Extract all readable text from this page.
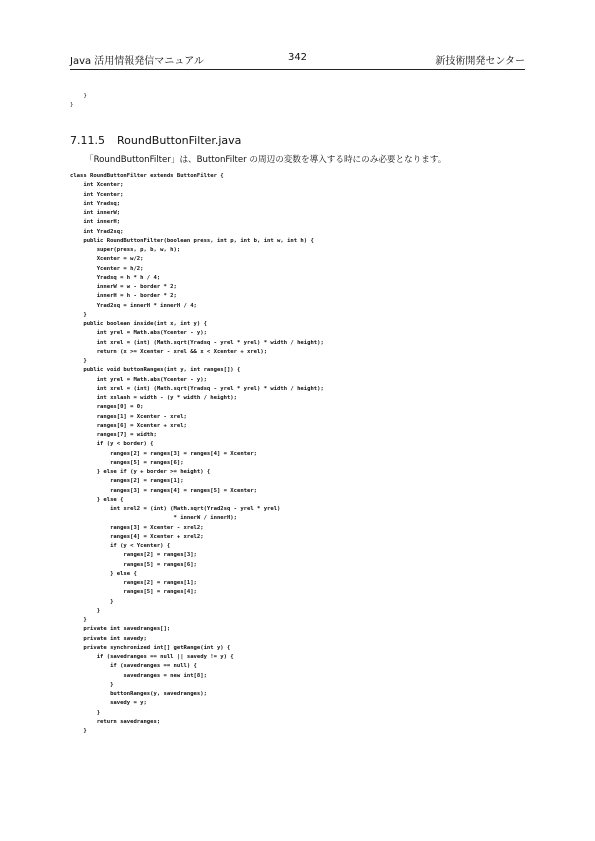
Java 活用情報発信マニュアル	342	新技術開発センター
}
}
7.11.5 RoundButtonFilter.java
「RoundButtonFilter」は、ButtonFilter の周辺の変数を導入する時にのみ必要となります。
class RoundButtonFilter extends ButtonFilter {
int Xcenter;
int Ycenter;
int Yradsq;
int innerW;
int innerH;
int Yrad2sq;
public RoundButtonFilter(boolean press, int p, int b, int w, int h) {
super(press, p, b, w, h);
Xcenter = w/2;
Ycenter = h/2;
Yradsq = h * h / 4;
innerW = w - border * 2;
innerH = h - border * 2;
Yrad2sq = innerH * innerH / 4;
}
public boolean inside(int x, int y) {
int yrel = Math.abs(Ycenter - y);
int xrel = (int) (Math.sqrt(Yradsq - yrel * yrel) * width / height);
return (x >= Xcenter - xrel && x < Xcenter + xrel);
}
public void buttonRanges(int y, int ranges[]) {
int yrel = Math.abs(Ycenter - y);
int xrel = (int) (Math.sqrt(Yradsq - yrel * yrel) * width / height);
int xslash = width - (y * width / height);
ranges[0] = 0;
ranges[1] = Xcenter - xrel;
ranges[6] = Xcenter + xrel;
ranges[7] = width;
if (y < border) {
ranges[2] = ranges[3] = ranges[4] = Xcenter;
ranges[5] = ranges[6];
} else if (y + border >= height) {
ranges[2] = ranges[1];
ranges[3] = ranges[4] = ranges[5] = Xcenter;
} else {
int xrel2 = (int) (Math.sqrt(Yrad2sq - yrel * yrel)
* innerW / innerH);
ranges[3] = Xcenter - xrel2;
ranges[4] = Xcenter + xrel2;
if (y < Ycenter) {
ranges[2] = ranges[3];
ranges[5] = ranges[6];
} else {
ranges[2] = ranges[1];
ranges[5] = ranges[4];
}
}
}
private int savedranges[];
private int savedy;
private synchronized int[] getRange(int y) {
if (savedranges == null || savedy != y) {
if (savedranges == null) {
savedranges = new int[8];
}
buttonRanges(y, savedranges);
savedy = y;
}
return savedranges;
}
